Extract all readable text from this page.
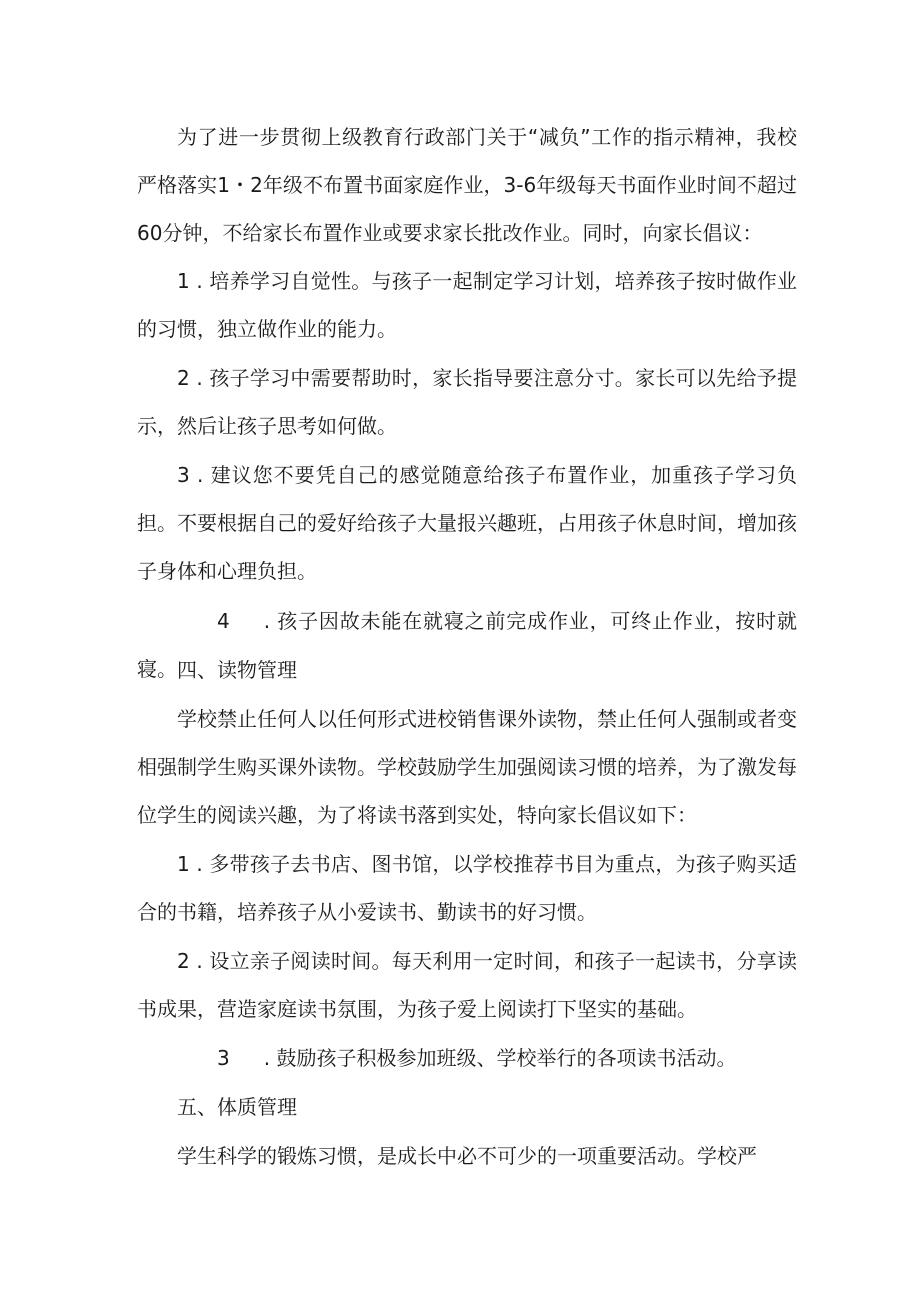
为了进一步贯彻上级教育行政部门关于“减负”工作的指示精神，我校严格落实1・2年级不布置书面家庭作业，3-6年级每天书面作业时间不超过60分钟，不给家长布置作业或要求家长批改作业。同时，向家长倡议：

1 . 培养学习自觉性。与孩子一起制定学习计划，培养孩子按时做作业的习惯，独立做作业的能力。

2 . 孩子学习中需要帮助时，家长指导要注意分寸。家长可以先给予提示，然后让孩子思考如何做。

3 . 建议您不要凭自己的感觉随意给孩子布置作业，加重孩子学习负担。不要根据自己的爱好给孩子大量报兴趣班，占用孩子休息时间，增加孩子身体和心理负担。

4 . 孩子因故未能在就寝之前完成作业，可终止作业，按时就寝。 四、读物管理

学校禁止任何人以任何形式进校销售课外读物，禁止任何人强制或者变相强制学生购买课外读物。学校鼓励学生加强阅读习惯的培养，为了激发每位学生的阅读兴趣，为了将读书落到实处，特向家长倡议如下：

1 . 多带孩子去书店、图书馆，以学校推荐书目为重点，为孩子购买适合的书籍，培养孩子从小爱读书、勤读书的好习惯。

2 . 设立亲子阅读时间。每天利用一定时间，和孩子一起读书，分享读书成果，营造家庭读书氛围，为孩子爱上阅读打下坚实的基础。

3 . 鼓励孩子积极参加班级、学校举行的各项读书活动。

五、体质管理

学生科学的锻炼习惯，是成长中必不可少的一项重要活动。学校严
